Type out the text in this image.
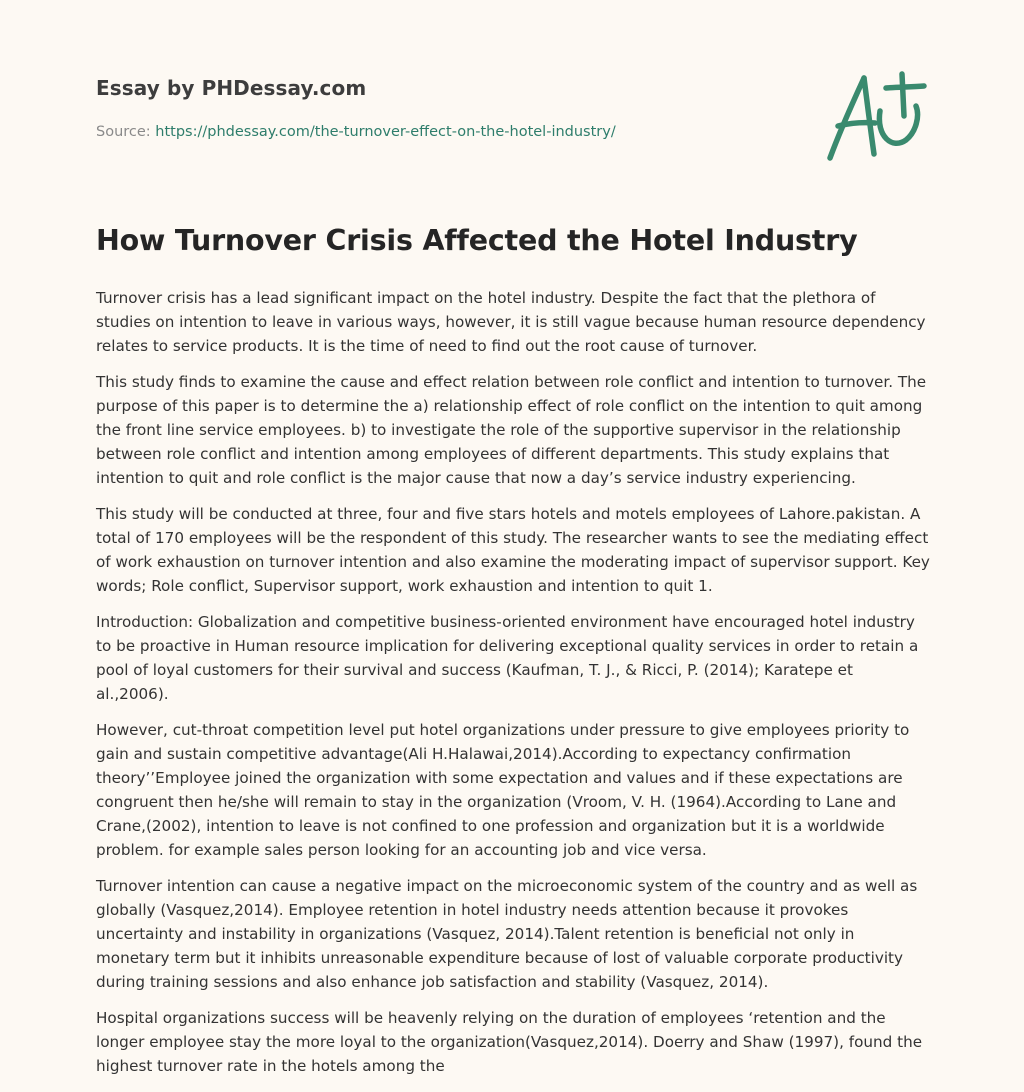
Essay by PHDessay.com
Source: https://phdessay.com/the-turnover-effect-on-the-hotel-industry/
How Turnover Crisis Affected the Hotel Industry

Turnover crisis has a lead significant impact on the hotel industry. Despite the fact that the plethora of studies on intention to leave in various ways, however, it is still vague because human resource dependency relates to service products. It is the time of need to find out the root cause of turnover.

This study finds to examine the cause and effect relation between role conflict and intention to turnover. The purpose of this paper is to determine the a) relationship effect of role conflict on the intention to quit among the front line service employees. b) to investigate the role of the supportive supervisor in the relationship between role conflict and intention among employees of different departments. This study explains that intention to quit and role conflict is the major cause that now a day’s service industry experiencing.

This study will be conducted at three, four and five stars hotels and motels employees of Lahore.pakistan. A total of 170 employees will be the respondent of this study. The researcher wants to see the mediating effect of work exhaustion on turnover intention and also examine the moderating impact of supervisor support. Key words; Role conflict, Supervisor support, work exhaustion and intention to quit 1.

Introduction: Globalization and competitive business-oriented environment have encouraged hotel industry to be proactive in Human resource implication for delivering exceptional quality services in order to retain a pool of loyal customers for their survival and success (Kaufman, T. J., & Ricci, P. (2014); Karatepe et al.,2006).

However, cut-throat competition level put hotel organizations under pressure to give employees priority to gain and sustain competitive advantage(Ali H.Halawai,2014).According to expectancy confirmation theory’’Employee joined the organization with some expectation and values and if these expectations are congruent then he/she will remain to stay in the organization (Vroom, V. H. (1964).According to Lane and Crane,(2002), intention to leave is not confined to one profession and organization but it is a worldwide problem. for example sales person looking for an accounting job and vice versa.

Turnover intention can cause a negative impact on the microeconomic system of the country and as well as globally (Vasquez,2014). Employee retention in hotel industry needs attention because it provokes uncertainty and instability in organizations (Vasquez, 2014).Talent retention is beneficial not only in monetary term but it inhibits unreasonable expenditure because of lost of valuable corporate productivity during training sessions and also enhance job satisfaction and stability (Vasquez, 2014).

Hospital organizations success will be heavenly relying on the duration of employees ‘retention and the longer employee stay the more loyal to the organization(Vasquez,2014). Doerry and Shaw (1997), found the highest turnover rate in the hotels among the
